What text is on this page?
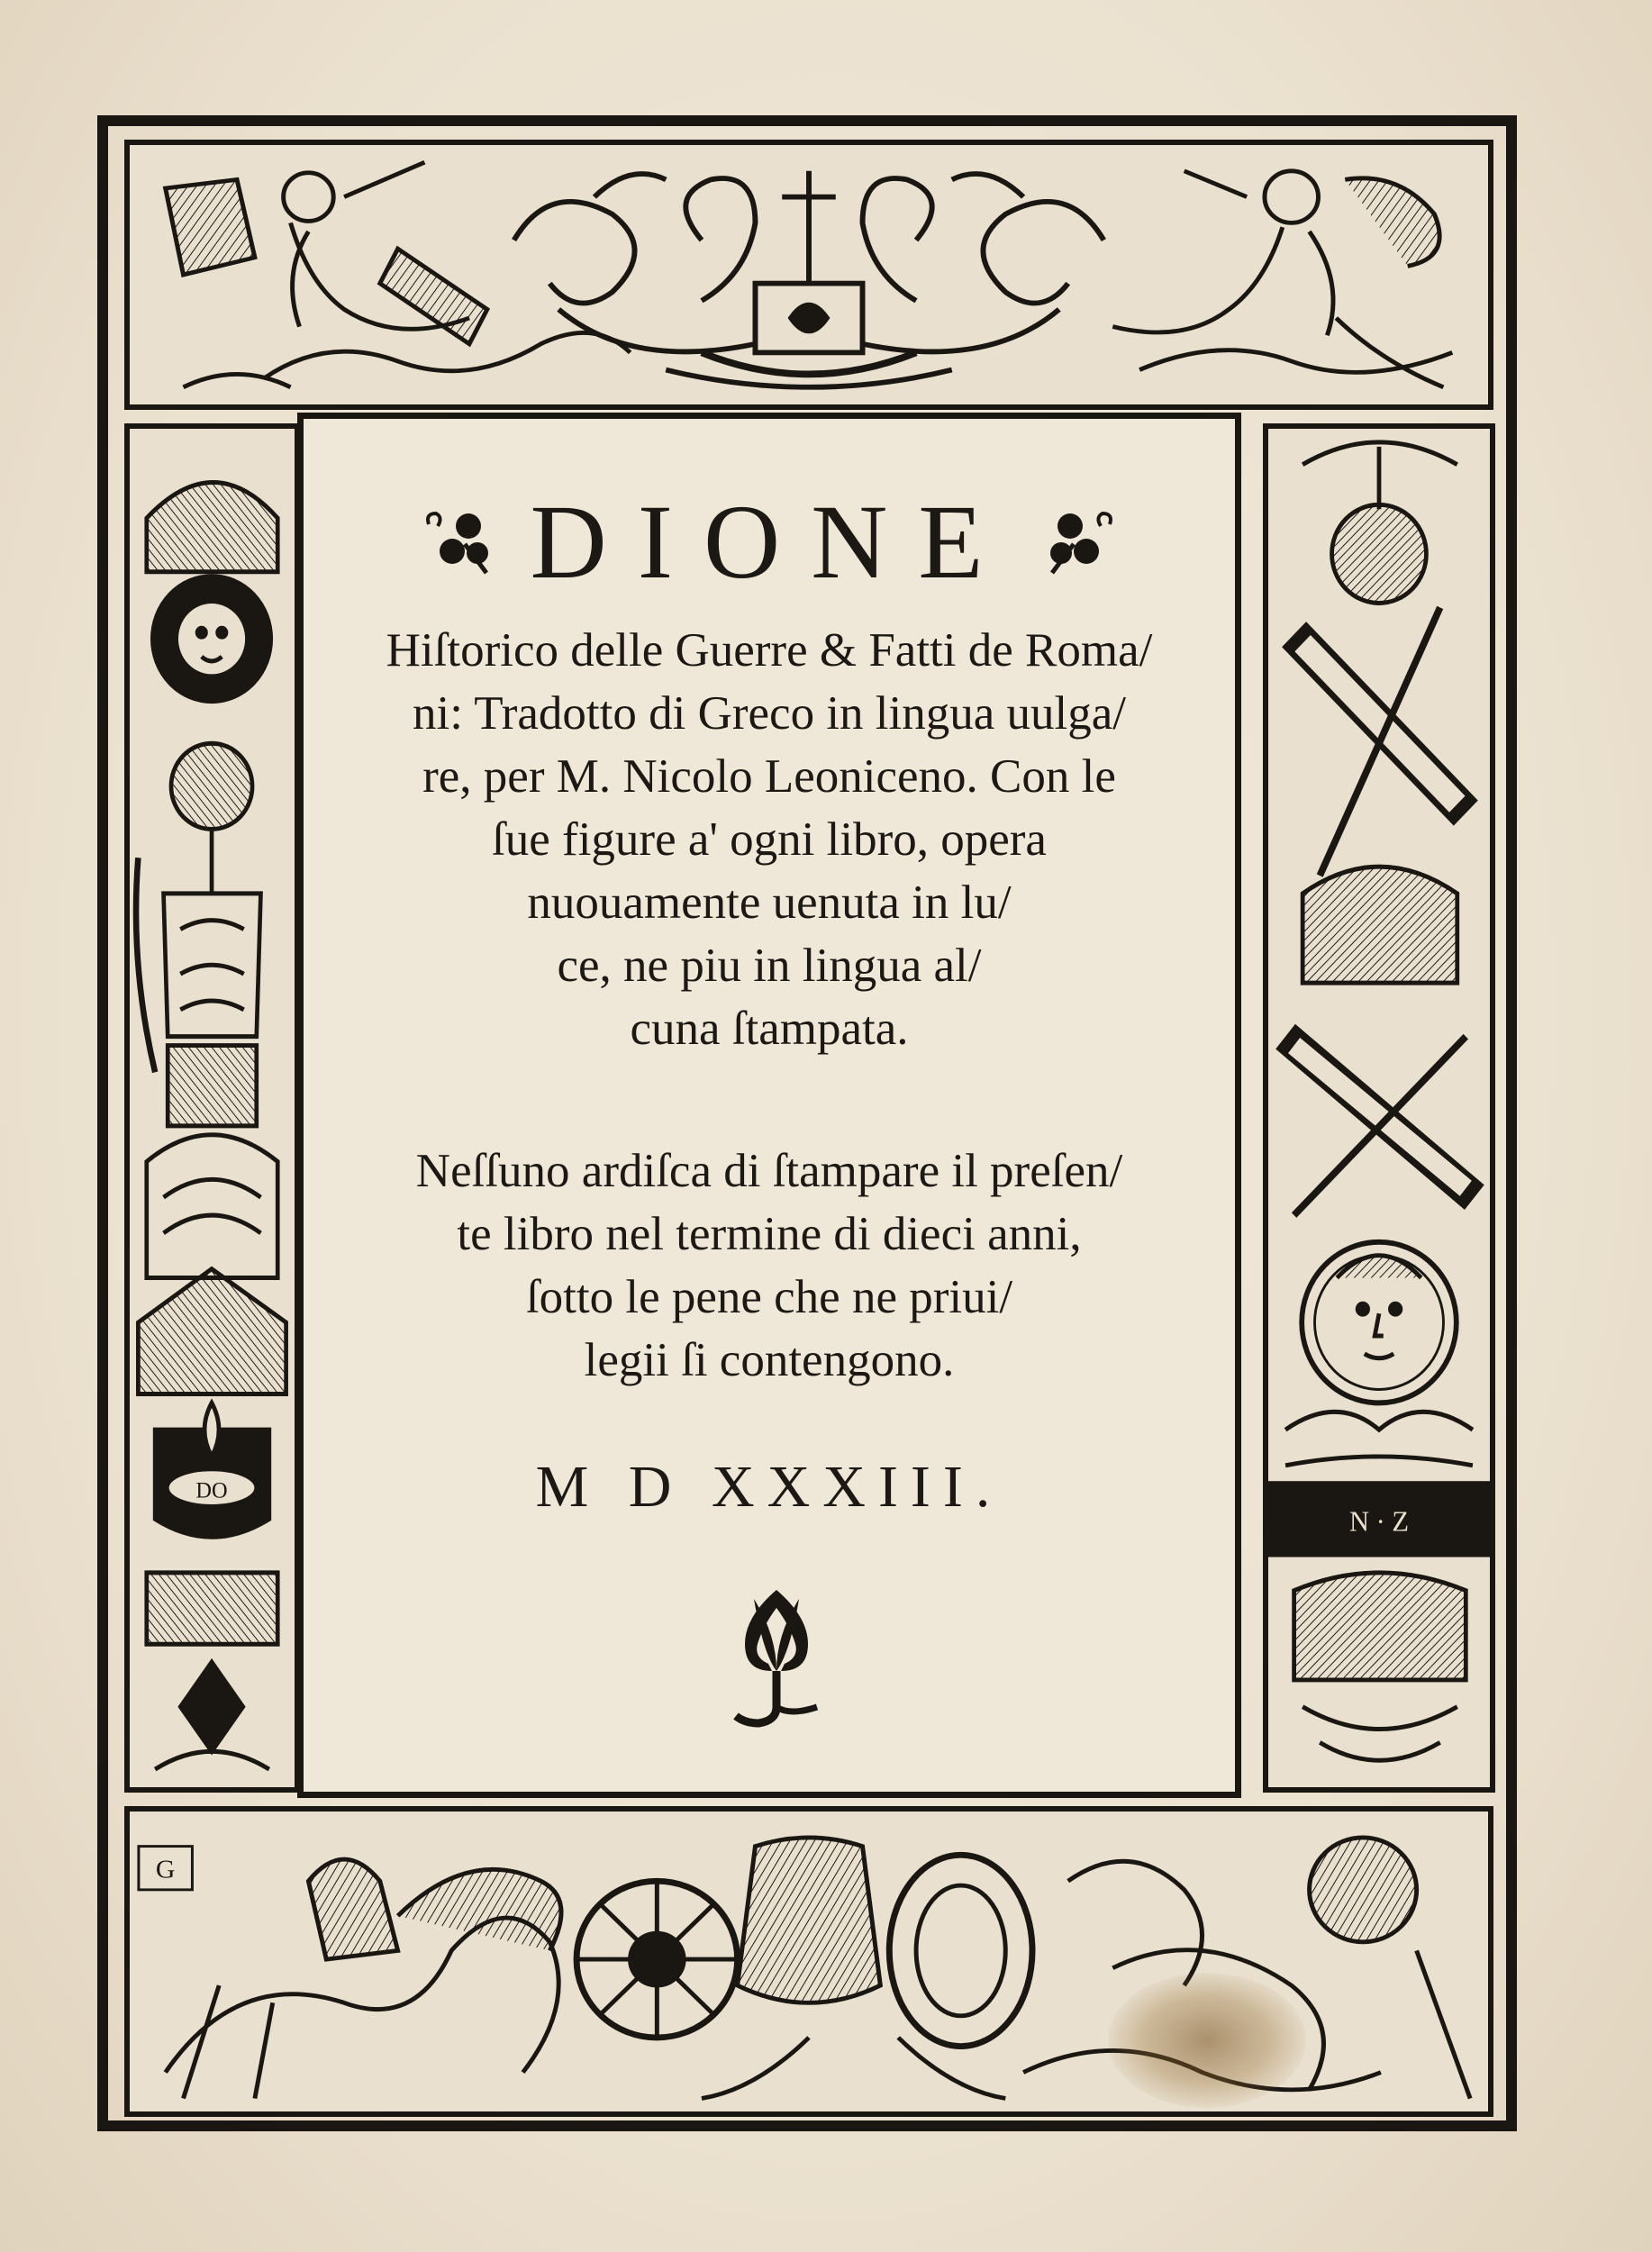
DO
N · Z
G
DIONE
Hiſtorico delle Guerre & Fatti de Roma/
ni: Tradotto di Greco in lingua uulga/
re, per M. Nicolo Leoniceno. Con le
ſue figure a' ogni libro, opera
nuouamente uenuta in lu/
ce, ne piu in lingua al/
cuna ſtampata.
Neſſuno ardiſca di ſtampare il preſen/
te libro nel termine di dieci anni,
ſotto le pene che ne priui/
legii ſi contengono.
M D XXXIII.
